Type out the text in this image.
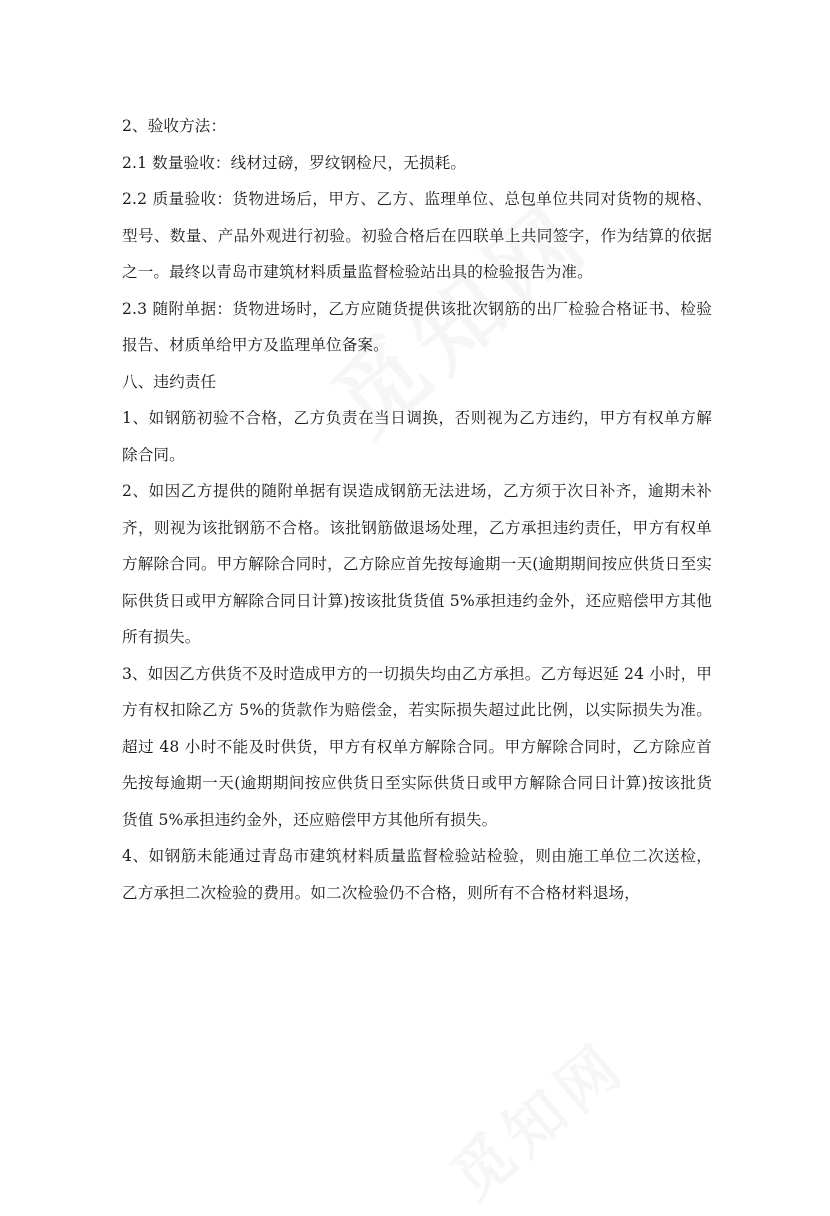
2、验收方法：

2.1 数量验收：线材过磅，罗纹钢检尺，无损耗。

2.2 质量验收：货物进场后，甲方、乙方、监理单位、总包单位共同对货物的规格、型号、数量、产品外观进行初验。初验合格后在四联单上共同签字，作为结算的依据之一。最终以青岛市建筑材料质量监督检验站出具的检验报告为准。

2.3 随附单据：货物进场时，乙方应随货提供该批次钢筋的出厂检验合格证书、检验报告、材质单给甲方及监理单位备案。

八、违约责任

1、如钢筋初验不合格，乙方负责在当日调换，否则视为乙方违约，甲方有权单方解除合同。

2、如因乙方提供的随附单据有误造成钢筋无法进场，乙方须于次日补齐，逾期未补齐，则视为该批钢筋不合格。该批钢筋做退场处理，乙方承担违约责任，甲方有权单方解除合同。甲方解除合同时，乙方除应首先按每逾期一天(逾期期间按应供货日至实际供货日或甲方解除合同日计算)按该批货货值 5%承担违约金外，还应赔偿甲方其他所有损失。

3、如因乙方供货不及时造成甲方的一切损失均由乙方承担。乙方每迟延 24 小时，甲方有权扣除乙方 5%的货款作为赔偿金，若实际损失超过此比例，以实际损失为准。超过 48 小时不能及时供货，甲方有权单方解除合同。甲方解除合同时，乙方除应首先按每逾期一天(逾期期间按应供货日至实际供货日或甲方解除合同日计算)按该批货货值 5%承担违约金外，还应赔偿甲方其他所有损失。

4、如钢筋未能通过青岛市建筑材料质量监督检验站检验，则由施工单位二次送检，乙方承担二次检验的费用。如二次检验仍不合格，则所有不合格材料退场，
